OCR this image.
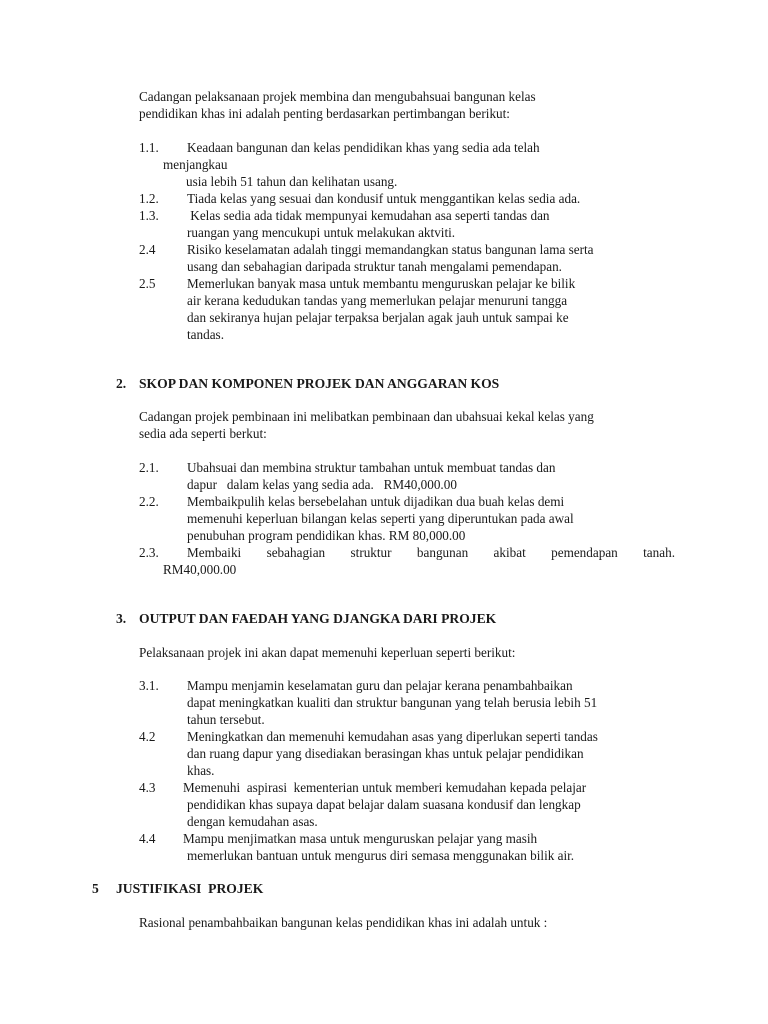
Cadangan pelaksanaan projek membina dan mengubahsuai bangunan kelas
pendidikan khas ini adalah penting berdasarkan pertimbangan berikut:
1.1. Keadaan bangunan dan kelas pendidikan khas yang sedia ada telah
menjangkau
usia lebih 51 tahun dan kelihatan usang.
1.2. Tiada kelas yang sesuai dan kondusif untuk menggantikan kelas sedia ada.
1.3. Kelas sedia ada tidak mempunyai kemudahan asa seperti tandas dan
ruangan yang mencukupi untuk melakukan aktviti.
2.4 Risiko keselamatan adalah tinggi memandangkan status bangunan lama serta
usang dan sebahagian daripada struktur tanah mengalami pemendapan.
2.5 Memerlukan banyak masa untuk membantu menguruskan pelajar ke bilik
air kerana kedudukan tandas yang memerlukan pelajar menuruni tangga
dan sekiranya hujan pelajar terpaksa berjalan agak jauh untuk sampai ke
tandas.
2. SKOP DAN KOMPONEN PROJEK DAN ANGGARAN KOS
Cadangan projek pembinaan ini melibatkan pembinaan dan ubahsuai kekal kelas yang
sedia ada seperti berkut:
2.1. Ubahsuai dan membina struktur tambahan untuk membuat tandas dan
dapur   dalam kelas yang sedia ada.   RM40,000.00
2.2. Membaikpulih kelas bersebelahan untuk dijadikan dua buah kelas demi
memenuhi keperluan bilangan kelas seperti yang diperuntukan pada awal
penubuhan program pendidikan khas. RM 80,000.00
2.3. Membaiki sebahagian struktur bangunan akibat pemendapan tanah.
RM40,000.00
3. OUTPUT DAN FAEDAH YANG DJANGKA DARI PROJEK
Pelaksanaan projek ini akan dapat memenuhi keperluan seperti berikut:
3.1. Mampu menjamin keselamatan guru dan pelajar kerana penambahbaikan
dapat meningkatkan kualiti dan struktur bangunan yang telah berusia lebih 51
tahun tersebut.
4.2 Meningkatkan dan memenuhi kemudahan asas yang diperlukan seperti tandas
dan ruang dapur yang disediakan berasingan khas untuk pelajar pendidikan
khas.
4.3 Memenuhi  aspirasi  kementerian untuk memberi kemudahan kepada pelajar
pendidikan khas supaya dapat belajar dalam suasana kondusif dan lengkap
dengan kemudahan asas.
4.4 Mampu menjimatkan masa untuk menguruskan pelajar yang masih
memerlukan bantuan untuk mengurus diri semasa menggunakan bilik air.
5 JUSTIFIKASI  PROJEK
Rasional penambahbaikan bangunan kelas pendidikan khas ini adalah untuk :
